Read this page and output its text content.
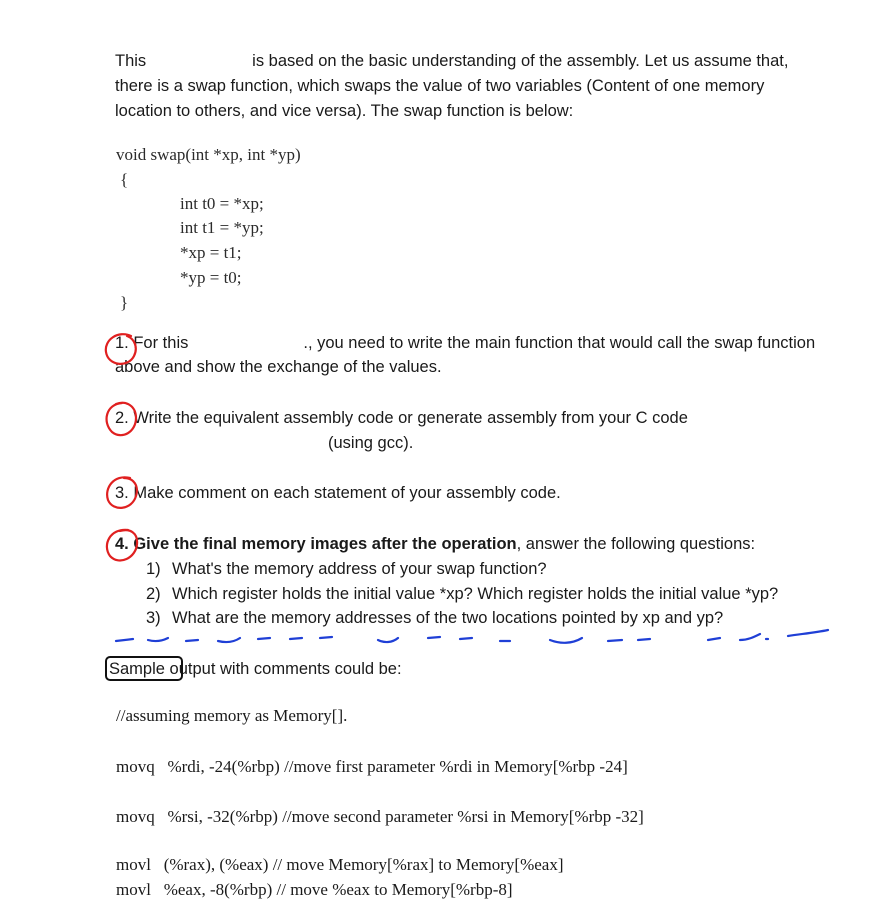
This	is based on the basic understanding of the assembly. Let us assume that,
there is a swap function, which swaps the value of two variables (Content of one memory
location to others, and vice versa). The swap function is below:
void swap(int *xp, int *yp)
{
int t0 = *xp;
int t1 = *yp;
*xp = t1;
*yp = t0;
}
1. For this	., you need to write the main function that would call the swap function
above and show the exchange of the values.
2. Write the equivalent assembly code or generate assembly from your C code
(using gcc).
3. Make comment on each statement of your assembly code.
4. Give the final memory images after the operation, answer the following questions:
1) What's the memory address of your swap function?
2) Which register holds the initial value *xp? Which register holds the initial value *yp?
3) What are the memory addresses of the two locations pointed by xp and yp?
Sample output with comments could be:
//assuming memory as Memory[].
movq   %rdi, -24(%rbp) //move first parameter %rdi in Memory[%rbp -24]
movq   %rsi, -32(%rbp) //move second parameter %rsi in Memory[%rbp -32]
movl   (%rax), (%eax) // move Memory[%rax] to Memory[%eax]
movl   %eax, -8(%rbp) // move %eax to Memory[%rbp-8]
